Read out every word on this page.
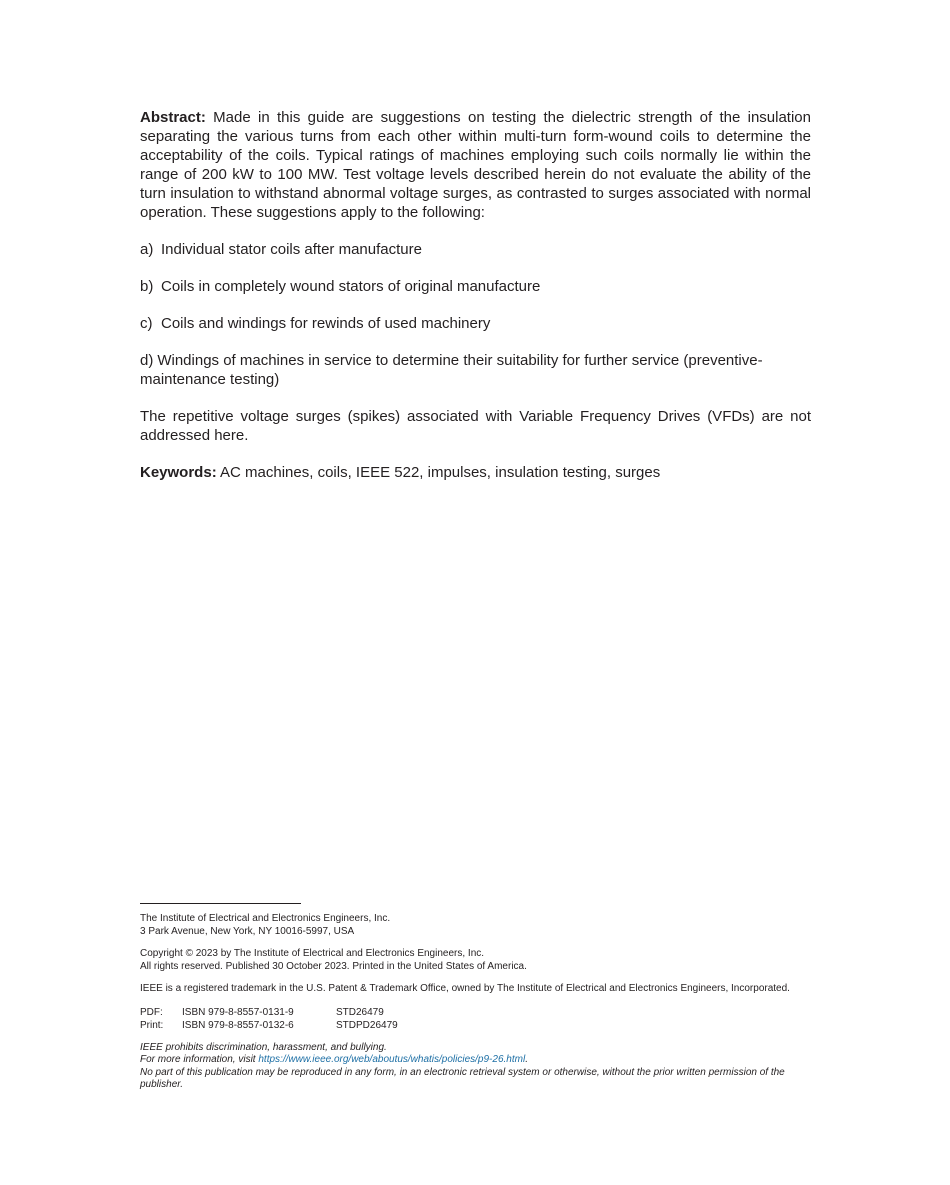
Abstract: Made in this guide are suggestions on testing the dielectric strength of the insulation separating the various turns from each other within multi-turn form-wound coils to determine the acceptability of the coils. Typical ratings of machines employing such coils normally lie within the range of 200 kW to 100 MW. Test voltage levels described herein do not evaluate the ability of the turn insulation to withstand abnormal voltage surges, as contrasted to surges associated with normal operation. These suggestions apply to the following:

a) Individual stator coils after manufacture
b) Coils in completely wound stators of original manufacture
c) Coils and windings for rewinds of used machinery
d) Windings of machines in service to determine their suitability for further service (preventive-maintenance testing)

The repetitive voltage surges (spikes) associated with Variable Frequency Drives (VFDs) are not addressed here.

Keywords: AC machines, coils, IEEE 522, impulses, insulation testing, surges

The Institute of Electrical and Electronics Engineers, Inc.
3 Park Avenue, New York, NY 10016-5997, USA

Copyright © 2023 by The Institute of Electrical and Electronics Engineers, Inc.
All rights reserved. Published 30 October 2023. Printed in the United States of America.

IEEE is a registered trademark in the U.S. Patent & Trademark Office, owned by The Institute of Electrical and Electronics Engineers, Incorporated.

PDF:	ISBN 979-8-8557-0131-9	STD26479
Print:	ISBN 979-8-8557-0132-6	STDPD26479

IEEE prohibits discrimination, harassment, and bullying.
For more information, visit https://www.ieee.org/web/aboutus/whatis/policies/p9-26.html.
No part of this publication may be reproduced in any form, in an electronic retrieval system or otherwise, without the prior written permission of the publisher.
